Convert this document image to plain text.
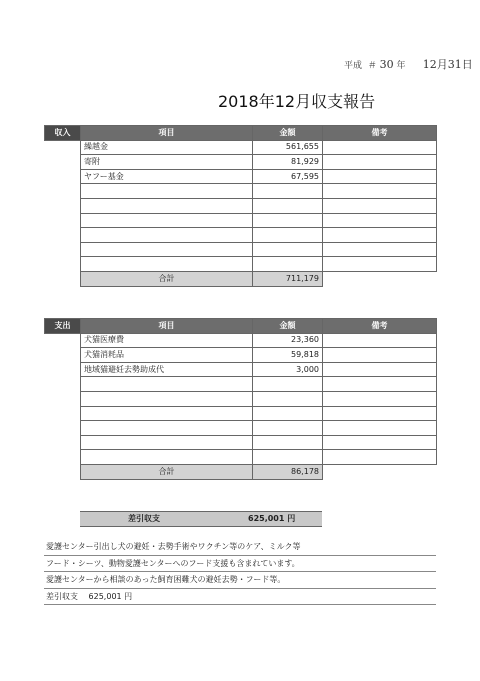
平成 ＃ 30 年 12月31日
2018年12月収支報告
収入	項目	金額	備考
	繰越金	561,655	
	寄附	81,929	
	ヤフー基金	67,595	

	合計	711,179	
支出	項目	金額	備考
	犬猫医療費	23,360	
	犬猫消耗品	59,818	
	地域猫避妊去勢助成代	3,000	

	合計	86,178	
差引収支	625,001 円
愛護センター引出し犬の避妊・去勢手術やワクチン等のケア、ミルク等
フード・シーツ、動物愛護センターへのフード支援も含まれています。
愛護センターから相談のあった飼育困難犬の避妊去勢・フード等。
差引収支　 625,001 円
